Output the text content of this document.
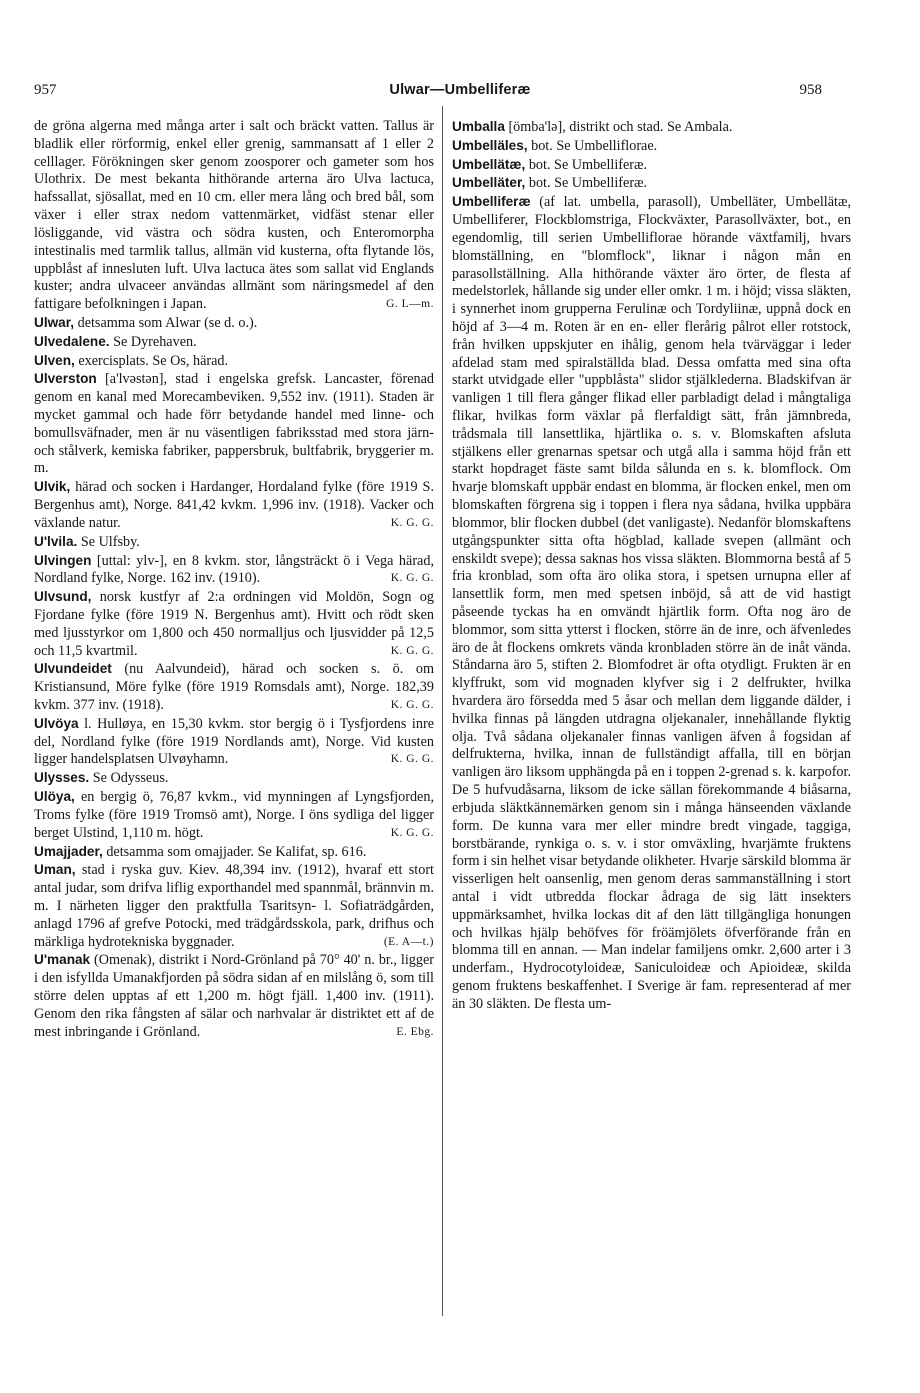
957	Ulwar—Umbelliferæ	958

de gröna algerna med många arter i salt och bräckt vatten. Tallus är bladlik eller rörformig, enkel eller grenig, sammansatt af 1 eller 2 celllager. Förökningen sker genom zoosporer och gameter som hos Ulothrix. De mest bekanta hithörande arterna äro Ulva lactuca, hafssallat, sjösallat, med en 10 cm. eller mera lång och bred bål, som växer i eller strax nedom vattenmärket, vidfäst stenar eller lösliggande, vid västra och södra kusten, och Enteromorpha intestinalis med tarmlik tallus, allmän vid kusterna, ofta flytande lös, uppblåst af innesluten luft. Ulva lactuca ätes som sallat vid Englands kuster; andra ulvaceer användas allmänt som näringsmedel af den fattigare befolkningen i Japan.	G. L—m.

Ulwar, detsamma som Alwar (se d. o.).

Ulvedalene. Se Dyrehaven.

Ulven, exercisplats. Se Os, härad.

Ulverston [a'lvəstən], stad i engelska grefsk. Lancaster, förenad genom en kanal med Morecambeviken. 9,552 inv. (1911). Staden är mycket gammal och hade förr betydande handel med linne- och bomullsväfnader, men är nu väsentligen fabriksstad med stora järn- och stålverk, kemiska fabriker, pappersbruk, bultfabrik, bryggerier m. m.

Ulvik, härad och socken i Hardanger, Hordaland fylke (före 1919 S. Bergenhus amt), Norge. 841,42 kvkm. 1,996 inv. (1918). Vacker och växlande natur.	K. G. G.

U'lvila. Se Ulfsby.

Ulvingen [uttal: ylv-], en 8 kvkm. stor, långsträckt ö i Vega härad, Nordland fylke, Norge. 162 inv. (1910).	K. G. G.

Ulvsund, norsk kustfyr af 2:a ordningen vid Moldön, Sogn og Fjordane fylke (före 1919 N. Bergenhus amt). Hvitt och rödt sken med ljusstyrkor om 1,800 och 450 normalljus och ljusvidder på 12,5 och 11,5 kvartmil.	K. G. G.

Ulvundeidet (nu Aalvundeid), härad och socken s. ö. om Kristiansund, Möre fylke (före 1919 Romsdals amt), Norge. 182,39 kvkm. 377 inv. (1918).	K. G. G.

Ulvöya l. Hulløya, en 15,30 kvkm. stor bergig ö i Tysfjordens inre del, Nordland fylke (före 1919 Nordlands amt), Norge. Vid kusten ligger handelsplatsen Ulvøyhamn.	K. G. G.

Ulysses. Se Odysseus.

Ulöya, en bergig ö, 76,87 kvkm., vid mynningen af Lyngsfjorden, Troms fylke (före 1919 Tromsö amt), Norge. I öns sydliga del ligger berget Ulstind, 1,110 m. högt.	K. G. G.

Umajjader, detsamma som omajjader. Se Kalifat, sp. 616.

Uman, stad i ryska guv. Kiev. 48,394 inv. (1912), hvaraf ett stort antal judar, som drifva liflig exporthandel med spannmål, brännvin m. m. I närheten ligger den praktfulla Tsaritsyn- l. Sofiaträdgården, anlagd 1796 af grefve Potocki, med trädgårdsskola, park, drifhus och märkliga hydrotekniska byggnader.	(E. A—t.)

U'manak (Omenak), distrikt i Nord-Grönland på 70° 40' n. br., ligger i den isfyllda Umanakfjorden på södra sidan af en milslång ö, som till större delen upptas af ett 1,200 m. högt fjäll. 1,400 inv. (1911). Genom den rika fångsten af sälar och narhvalar är distriktet ett af de mest inbringande i Grönland.	E. Ebg.

Umballa [ömba'lə], distrikt och stad. Se Ambala.

Umbelläles, bot. Se Umbelliflorae.

Umbellätæ, bot. Se Umbelliferæ.

Umbelläter, bot. Se Umbelliferæ.

Umbelliferæ (af lat. umbella, parasoll), Umbelläter, Umbellätæ, Umbelliferer, Flockblomstriga, Flockväxter, Parasollväxter, bot., en egendomlig, till serien Umbelliflorae hörande växtfamilj, hvars blomställning, en "blomflock", liknar i någon mån en parasollställning. Alla hithörande växter äro örter, de flesta af medelstorlek, hållande sig under eller omkr. 1 m. i höjd; vissa släkten, i synnerhet inom grupperna Ferulinæ och Tordyliinæ, uppnå dock en höjd af 3—4 m. Roten är en en- eller flerårig pålrot eller rotstock, från hvilken uppskjuter en ihålig, genom hela tvärväggar i leder afdelad stam med spiralställda blad. Dessa omfatta med sina ofta starkt utvidgade eller "uppblåsta" slidor stjälklederna. Bladskifvan är vanligen 1 till flera gånger flikad eller parbladigt delad i mångtaliga flikar, hvilkas form växlar på flerfaldigt sätt, från jämnbreda, trådsmala till lansettlika, hjärtlika o. s. v. Blomskaften afsluta stjälkens eller grenarnas spetsar och utgå alla i samma höjd från ett starkt hopdraget fäste samt bilda sålunda en s. k. blomflock. Om hvarje blomskaft uppbär endast en blomma, är flocken enkel, men om blomskaften förgrena sig i toppen i flera nya sådana, hvilka uppbära blommor, blir flocken dubbel (det vanligaste). Nedanför blomskaftens utgångspunkter sitta ofta högblad, kallade svepen (allmänt och enskildt svepe); dessa saknas hos vissa släkten. Blommorna bestå af 5 fria kronblad, som ofta äro olika stora, i spetsen urnupna eller af lansettlik form, men med spetsen inböjd, så att de vid hastigt påseende tyckas ha en omvändt hjärtlik form. Ofta nog äro de blommor, som sitta ytterst i flocken, större än de inre, och äfvenledes äro de åt flockens omkrets vända kronbladen större än de inåt vända. Ståndarna äro 5, stiften 2. Blomfodret är ofta otydligt. Frukten är en klyffrukt, som vid mognaden klyfver sig i 2 delfrukter, hvilka hvardera äro försedda med 5 åsar och mellan dem liggande dälder, i hvilka finnas på längden utdragna oljekanaler, innehållande flyktig olja. Två sådana oljekanaler finnas vanligen äfven å fogsidan af delfrukterna, hvilka, innan de fullständigt affalla, till en början vanligen äro liksom upphängda på en i toppen 2-grenad s. k. karpofor. De 5 hufvudåsarna, liksom de icke sällan förekommande 4 biåsarna, erbjuda släktkännemärken genom sin i många hänseenden växlande form. De kunna vara mer eller mindre bredt vingade, taggiga, borstbärande, rynkiga o. s. v. i stor omväxling, hvarjämte fruktens form i sin helhet visar betydande olikheter. Hvarje särskild blomma är visserligen helt oansenlig, men genom deras sammanställning i stort antal i vidt utbredda flockar ådraga de sig lätt insekters uppmärksamhet, hvilka lockas dit af den lätt tillgängliga honungen och hvilkas hjälp behöfves för fröämjölets öfverförande från en blomma till en annan. — Man indelar familjens omkr. 2,600 arter i 3 underfam., Hydrocotyloideæ, Saniculoideæ och Apioideæ, skilda genom fruktens beskaffenhet. I Sverige är fam. representerad af mer än 30 släkten. De flesta um-
